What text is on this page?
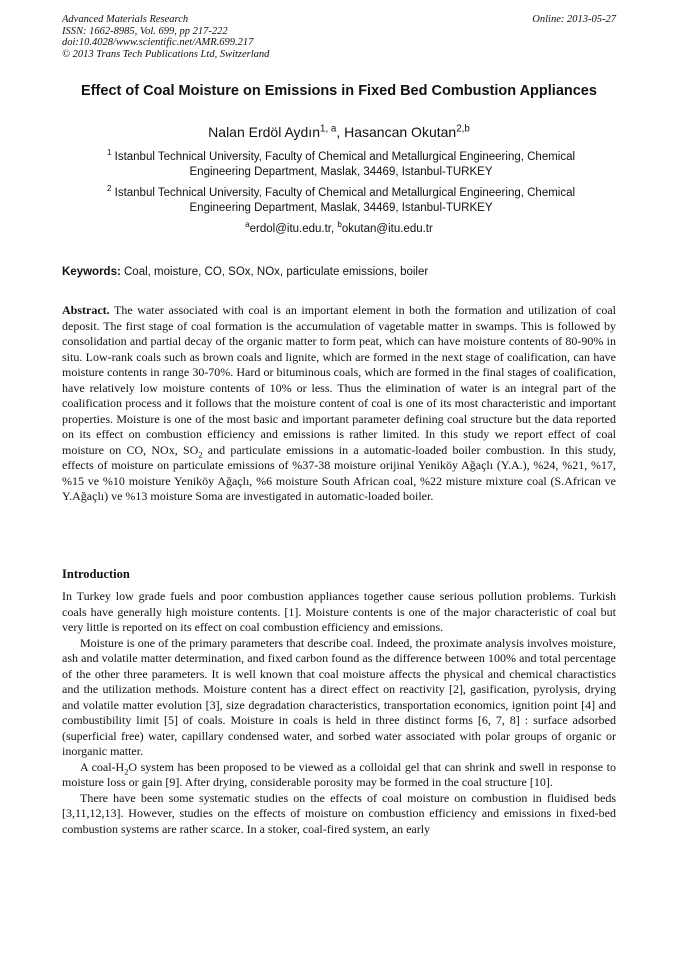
Advanced Materials Research
ISSN: 1662-8985, Vol. 699, pp 217-222
doi:10.4028/www.scientific.net/AMR.699.217
© 2013 Trans Tech Publications Ltd, Switzerland
Online: 2013-05-27
Effect of Coal Moisture on Emissions in Fixed Bed Combustion Appliances
Nalan Erdöl Aydın$^{1, a}$, Hasancan Okutan$^{2,b}$
$^1$ Istanbul Technical University, Faculty of Chemical and Metallurgical Engineering, Chemical Engineering Department, Maslak, 34469, Istanbul-TURKEY
$^2$ Istanbul Technical University, Faculty of Chemical and Metallurgical Engineering, Chemical Engineering Department, Maslak, 34469, Istanbul-TURKEY
$^a$erdol@itu.edu.tr, $^b$okutan@itu.edu.tr
Keywords: Coal, moisture, CO, SOx, NOx, particulate emissions, boiler

Abstract. The water associated with coal is an important element in both the formation and utilization of coal deposit. The first stage of coal formation is the accumulation of vagetable matter in swamps. This is followed by consolidation and partial decay of the organic matter to form peat, which can have moisture contents of 80-90% in situ. Low-rank coals such as brown coals and lignite, which are formed in the next stage of coalification, can have moisture contents in range 30-70%. Hard or bituminous coals, which are formed in the final stages of coalification, have relatively low moisture contents of 10% or less. Thus the elimination of water is an integral part of the coalification process and it follows that the moisture content of coal is one of its most characteristic and important properties. Moisture is one of the most basic and important parameter defining coal structure but the data reported on its effect on combustion efficiency and emissions is rather limited. In this study we report effect of coal moisture on CO, NOx, $SO_2$ and particulate emissions in a automatic-loaded boiler combustion. In this study, effects of moisture on particulate emissions of %37-38 moisture orijinal Yeniköy Ağaçlı (Y.A.), %24, %21, %17, %15 ve %10 moisture Yeniköy Ağaçlı, %6 moisture South African coal, %22 misture mixture coal (S.African ve Y.Ağaçlı) ve %13 moisture Soma are investigated in automatic-loaded boiler.

Introduction

In Turkey low grade fuels and poor combustion appliances together cause serious pollution problems. Turkish coals have generally high moisture contents. [1]. Moisture contents is one of the major characteristic of coal but very little is reported on its effect on coal combustion efficiency and emissions.

Moisture is one of the primary parameters that describe coal. Indeed, the proximate analysis involves moisture, ash and volatile matter determination, and fixed carbon found as the difference between 100% and total percentage of the other three parameters. It is well known that coal moisture affects the physical and chemical charactistics and the utilization methods. Moisture content has a direct effect on reactivity [2], gasification, pyrolysis, drying and volatile matter evolution [3], size degradation characteristics, transportation economics, ignition point [4] and combustibility limit [5] of coals. Moisture in coals is held in three distinct forms [6, 7, 8] : surface adsorbed (superficial free) water, capillary condensed water, and sorbed water associated with polar groups of organic or inorganic matter.

A coal-$H_2O$ system has been proposed to be viewed as a colloidal gel that can shrink and swell in response to moisture loss or gain [9]. After drying, considerable porosity may be formed in the coal structure [10].

There have been some systematic studies on the effects of coal moisture on combustion in fluidised beds [3,11,12,13]. However, studies on the effects of moisture on combustion efficiency and emissions in fixed-bed combustion systems are rather scarce. In a stoker, coal-fired system, an early
